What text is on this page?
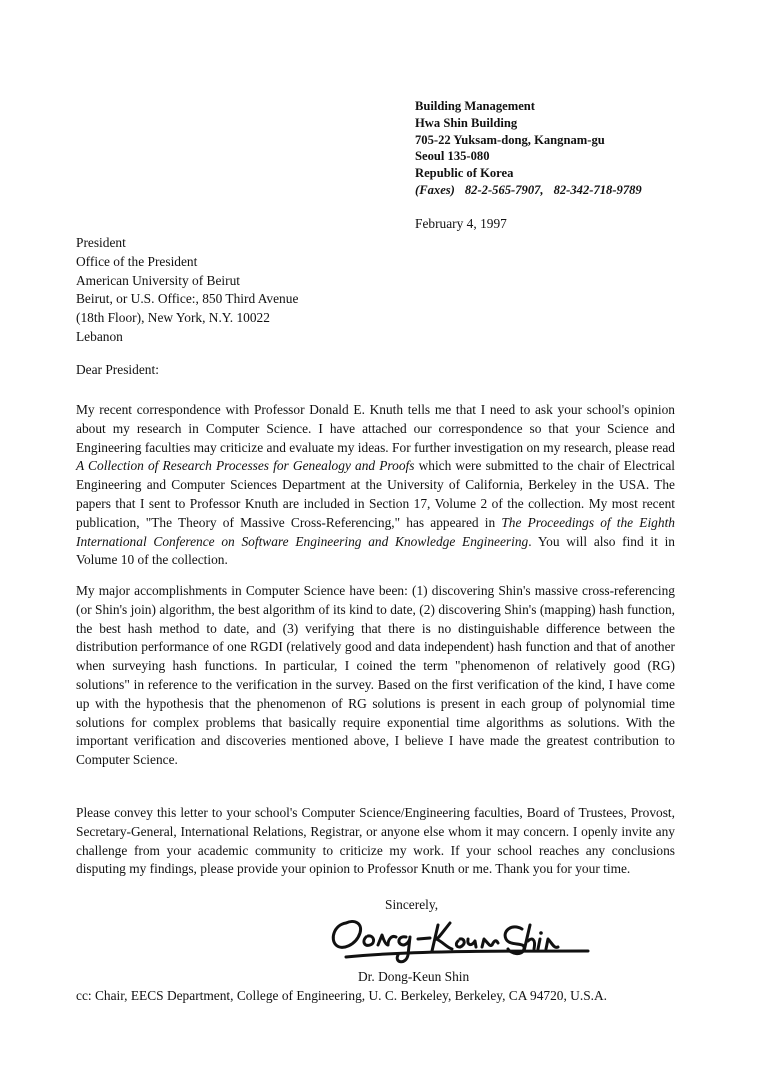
Building Management
Hwa Shin Building
705-22 Yuksam-dong, Kangnam-gu
Seoul 135-080
Republic of Korea
(Faxes) 82-2-565-7907, 82-342-718-9789
February 4, 1997
President
Office of the President
American University of Beirut
Beirut, or U.S. Office:, 850 Third Avenue
(18th Floor), New York, N.Y. 10022
Lebanon
Dear President:
My recent correspondence with Professor Donald E. Knuth tells me that I need to ask your school's opinion about my research in Computer Science. I have attached our correspondence so that your Science and Engineering faculties may criticize and evaluate my ideas. For further investigation on my research, please read A Collection of Research Processes for Genealogy and Proofs which were submitted to the chair of Electrical Engineering and Computer Sciences Department at the University of California, Berkeley in the USA. The papers that I sent to Professor Knuth are included in Section 17, Volume 2 of the collection. My most recent publication, "The Theory of Massive Cross-Referencing," has appeared in The Proceedings of the Eighth International Conference on Software Engineering and Knowledge Engineering. You will also find it in Volume 10 of the collection.
My major accomplishments in Computer Science have been: (1) discovering Shin's massive cross-referencing (or Shin's join) algorithm, the best algorithm of its kind to date, (2) discovering Shin's (mapping) hash function, the best hash method to date, and (3) verifying that there is no distinguishable difference between the distribution performance of one RGDI (relatively good and data independent) hash function and that of another when surveying hash functions. In particular, I coined the term "phenomenon of relatively good (RG) solutions" in reference to the verification in the survey. Based on the first verification of the kind, I have come up with the hypothesis that the phenomenon of RG solutions is present in each group of polynomial time solutions for complex problems that basically require exponential time algorithms as solutions. With the important verification and discoveries mentioned above, I believe I have made the greatest contribution to Computer Science.
Please convey this letter to your school's Computer Science/Engineering faculties, Board of Trustees, Provost, Secretary-General, International Relations, Registrar, or anyone else whom it may concern. I openly invite any challenge from your academic community to criticize my work. If your school reaches any conclusions disputing my findings, please provide your opinion to Professor Knuth or me. Thank you for your time.
Sincerely,
Dr. Dong-Keun Shin
cc: Chair, EECS Department, College of Engineering, U. C. Berkeley, Berkeley, CA 94720, U.S.A.
